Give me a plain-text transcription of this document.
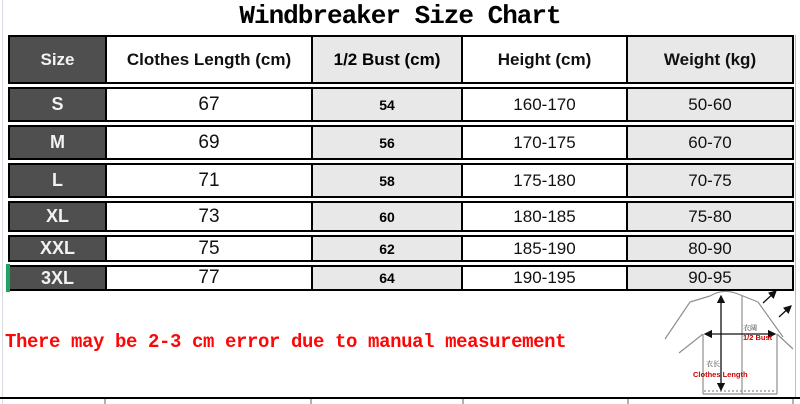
Windbreaker Size Chart
Size	Clothes Length (cm)	1/2 Bust (cm)	Height (cm)	Weight (kg)
S	67	54	160-170	50-60
M	69	56	170-175	60-70
L	71	58	175-180	70-75
XL	73	60	180-185	75-80
XXL	75	62	185-190	80-90
3XL	77	64	190-195	90-95

There may be 2-3 cm error due to manual measurement

衣阔
1/2 Bust
衣长
Clothes Length
